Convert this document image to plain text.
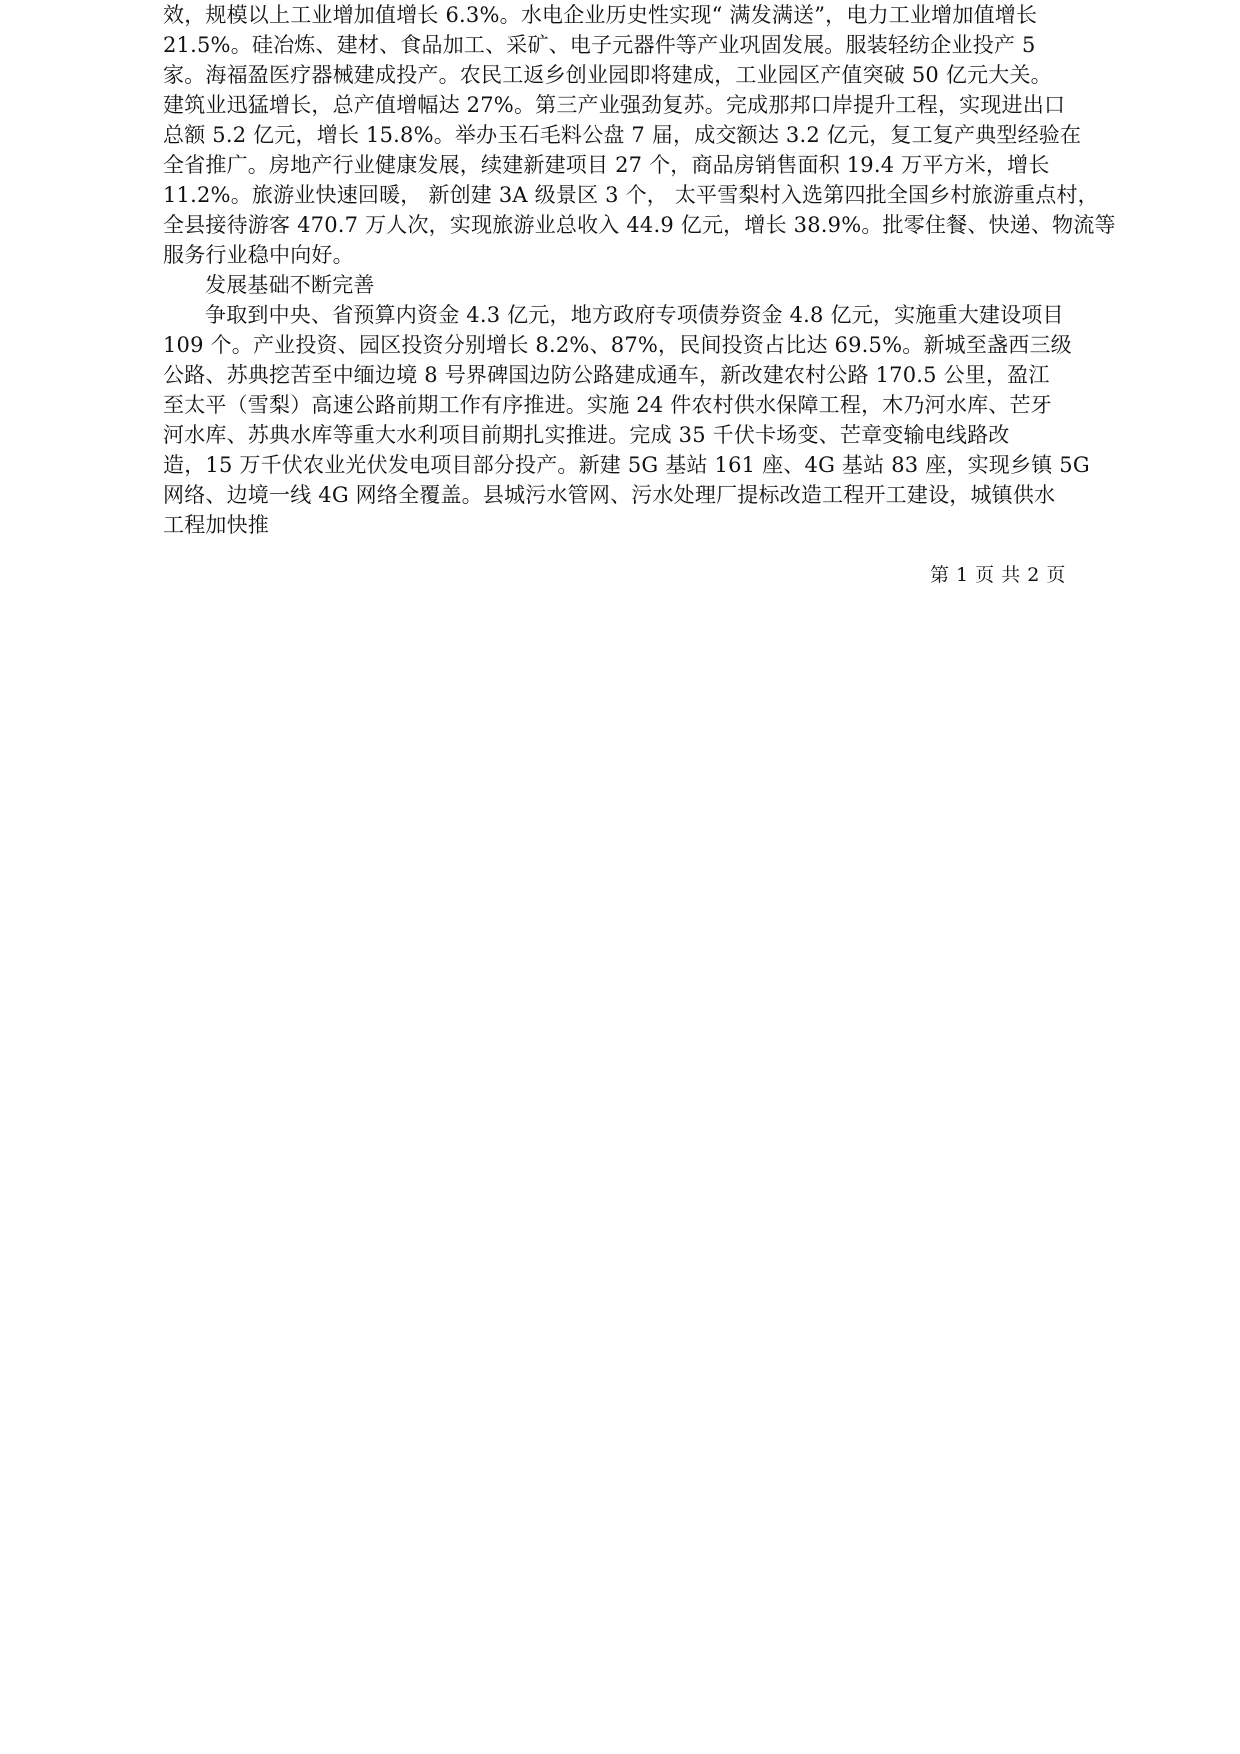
效，规模以上工业增加值增长 6.3%。水电企业历史性实现“ 满发满送”，电力工业增加值增长
21.5%。硅冶炼、建材、食品加工、采矿、电子元器件等产业巩固发展。服装轻纺企业投产 5
家。海福盈医疗器械建成投产。农民工返乡创业园即将建成，工业园区产值突破 50 亿元大关。
建筑业迅猛增长，总产值增幅达 27%。第三产业强劲复苏。完成那邦口岸提升工程，实现进出口
总额 5.2 亿元，增长 15.8%。举办玉石毛料公盘 7 届，成交额达 3.2 亿元，复工复产典型经验在
全省推广。房地产行业健康发展，续建新建项目 27 个，商品房销售面积 19.4 万平方米，增长
11.2%。旅游业快速回暖， 新创建 3A 级景区 3 个， 太平雪梨村入选第四批全国乡村旅游重点村，
全县接待游客 470.7 万人次，实现旅游业总收入 44.9 亿元，增长 38.9%。批零住餐、快递、物流等
服务行业稳中向好。
发展基础不断完善
争取到中央、省预算内资金 4.3 亿元，地方政府专项债券资金 4.8 亿元，实施重大建设项目
109 个。产业投资、园区投资分别增长 8.2%、87%，民间投资占比达 69.5%。新城至盏西三级
公路、苏典挖苦至中缅边境 8 号界碑国边防公路建成通车，新改建农村公路 170.5 公里，盈江
至太平（雪梨）高速公路前期工作有序推进。实施 24 件农村供水保障工程，木乃河水库、芒牙
河水库、苏典水库等重大水利项目前期扎实推进。完成 35 千伏卡场变、芒章变输电线路改
造，15 万千伏农业光伏发电项目部分投产。新建 5G 基站 161 座、4G 基站 83 座，实现乡镇 5G
网络、边境一线 4G 网络全覆盖。县城污水管网、污水处理厂提标改造工程开工建设，城镇供水
工程加快推
第 1 页 共 2 页
